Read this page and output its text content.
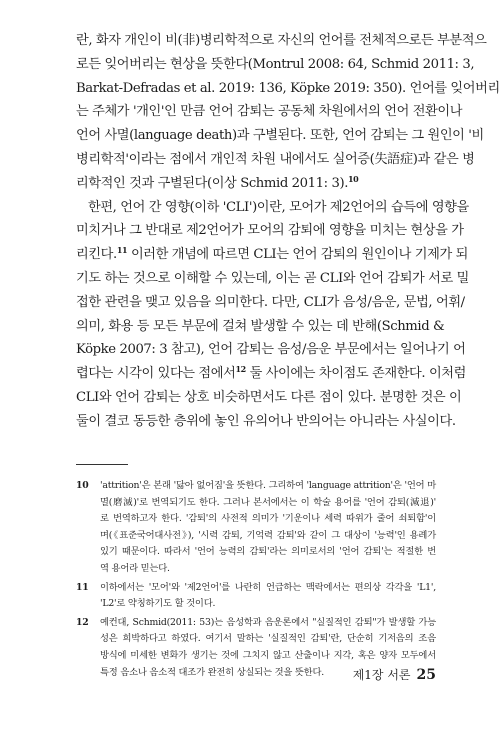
란, 화자 개인이 비(非)병리학적으로 자신의 언어를 전체적으로든 부분적으
로든 잊어버리는 현상을 뜻한다(Montrul 2008: 64, Schmid 2011: 3,
Barkat-Defradas et al. 2019: 136, Köpke 2019: 350). 언어를 잊어버리
는 주체가 '개인'인 만큼 언어 감퇴는 공동체 차원에서의 언어 전환이나
언어 사멸(language death)과 구별된다. 또한, 언어 감퇴는 그 원인이 '비
병리학적'이라는 점에서 개인적 차원 내에서도 실어증(失語症)과 같은 병
리학적인 것과 구별된다(이상 Schmid 2011: 3).$^{10}$
한편, 언어 간 영향(이하 'CLI')이란, 모어가 제2언어의 습득에 영향을
미치거나 그 반대로 제2언어가 모어의 감퇴에 영향을 미치는 현상을 가
리킨다.$^{11}$ 이러한 개념에 따르면 CLI는 언어 감퇴의 원인이나 기제가 되
기도 하는 것으로 이해할 수 있는데, 이는 곧 CLI와 언어 감퇴가 서로 밀
접한 관련을 맺고 있음을 의미한다. 다만, CLI가 음성/음운, 문법, 어휘/
의미, 화용 등 모든 부문에 걸쳐 발생할 수 있는 데 반해(Schmid &
Köpke 2007: 3 참고), 언어 감퇴는 음성/음운 부문에서는 일어나기 어
렵다는 시각이 있다는 점에서$^{12}$ 둘 사이에는 차이점도 존재한다. 이처럼
CLI와 언어 감퇴는 상호 비슷하면서도 다른 점이 있다. 분명한 것은 이
둘이 결코 동등한 층위에 놓인 유의어나 반의어는 아니라는 사실이다.
10 'attrition'은 본래 '닳아 없어짐'을 뜻한다. 그리하여 'language attrition'은 '언어 마
멸(磨滅)'로 번역되기도 한다. 그러나 본서에서는 이 학술 용어를 '언어 감퇴(減退)'
로 번역하고자 한다. '감퇴'의 사전적 의미가 '기운이나 세력 따위가 줄어 쇠퇴함'이
며(《표준국어대사전》), '시력 감퇴, 기억력 감퇴'와 같이 그 대상이 '능력'인 용례가
있기 때문이다. 따라서 '언어 능력의 감퇴'라는 의미로서의 '언어 감퇴'는 적절한 번
역 용어라 믿는다.
11 이하에서는 '모어'와 '제2언어'를 나란히 언급하는 맥락에서는 편의상 각각을 'L1',
'L2'로 약칭하기도 할 것이다.
12 예컨대, Schmid(2011: 53)는 음성학과 음운론에서 "실질적인 감퇴"가 발생할 가능
성은 희박하다고 하였다. 여기서 말하는 '실질적인 감퇴'란, 단순히 기저음의 조음
방식에 미세한 변화가 생기는 것에 그치지 않고 산출이나 지각, 혹은 양자 모두에서
특정 음소나 음소적 대조가 완전히 상실되는 것을 뜻한다.	제1장 서론 25
